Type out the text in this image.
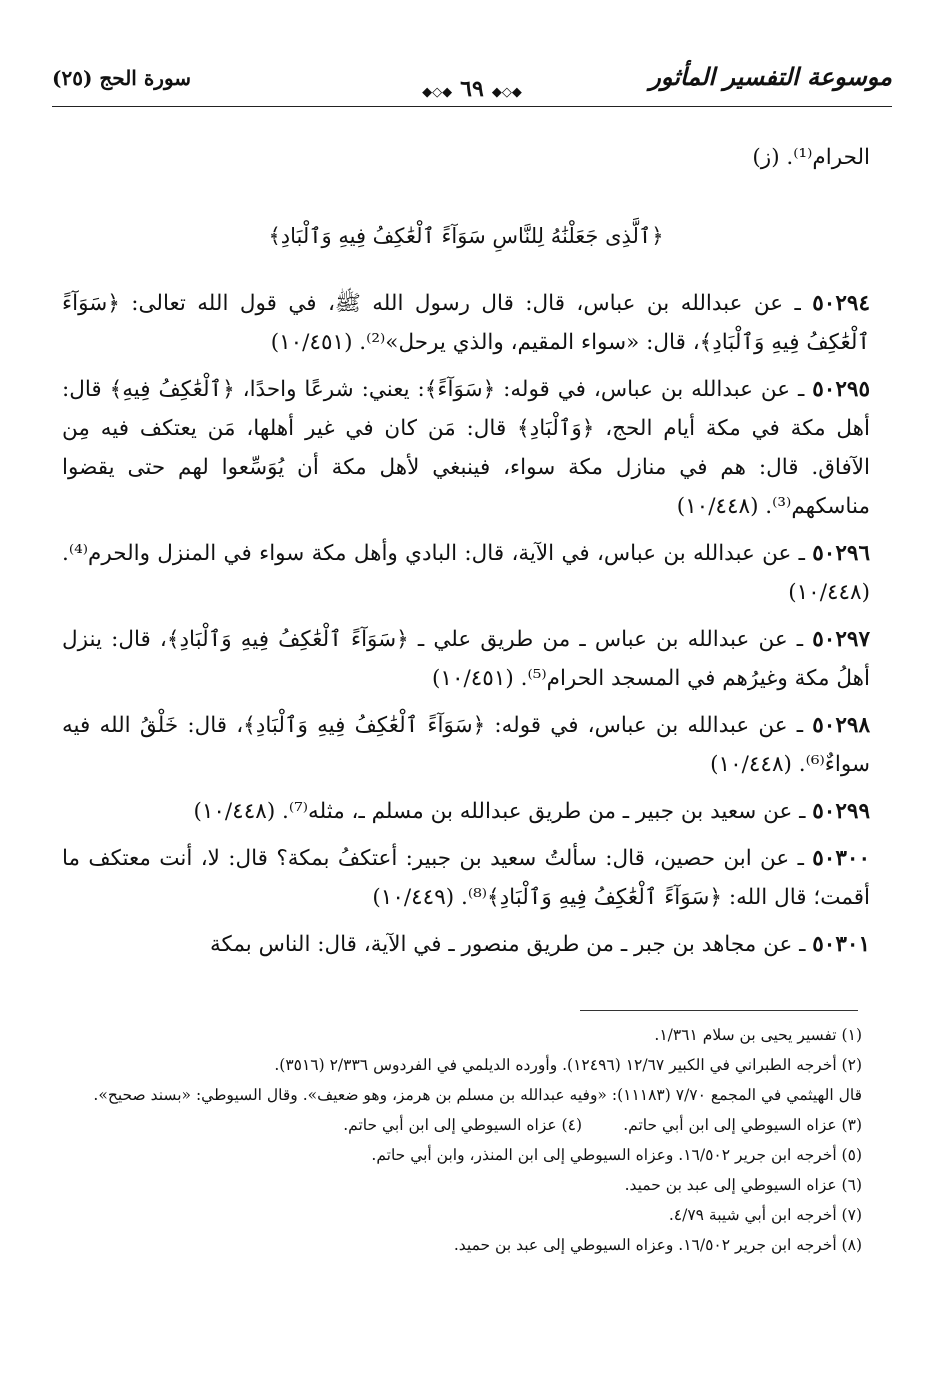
موسوعة التفسير المأثور
◆◇◆٦٩◆◇◆
سورة الحج (٢٥)

الحرام⁽¹⁾. (ز)

﴿ٱلَّذِى جَعَلْنَٰهُ لِلنَّاسِ سَوَآءً ٱلْعَٰكِفُ فِيهِ وَٱلْبَادِ﴾

٥٠٢٩٤ ـ عن عبدالله بن عباس، قال: قال رسول الله ﷺ، في قول الله تعالى: ﴿سَوَآءً ٱلْعَٰكِفُ فِيهِ وَٱلْبَادِ﴾، قال: «سواء المقيم، والذي يرحل»⁽²⁾. (١٠/٤٥١)

٥٠٢٩٥ ـ عن عبدالله بن عباس، في قوله: ﴿سَوَآءً﴾: يعني: شرعًا واحدًا، ﴿ٱلْعَٰكِفُ فِيهِ﴾ قال: أهل مكة في مكة أيام الحج، ﴿وَٱلْبَادِ﴾ قال: مَن كان في غير أهلها، مَن يعتكف فيه مِن الآفاق. قال: هم في منازل مكة سواء، فينبغي لأهل مكة أن يُوَسِّعوا لهم حتى يقضوا مناسكهم⁽³⁾. (١٠/٤٤٨)

٥٠٢٩٦ ـ عن عبدالله بن عباس، في الآية، قال: البادي وأهل مكة سواء في المنزل والحرم⁽⁴⁾. (١٠/٤٤٨)

٥٠٢٩٧ ـ عن عبدالله بن عباس ـ من طريق علي ـ ﴿سَوَآءً ٱلْعَٰكِفُ فِيهِ وَٱلْبَادِ﴾، قال: ينزل أهلُ مكة وغيرُهم في المسجد الحرام⁽⁵⁾. (١٠/٤٥١)

٥٠٢٩٨ ـ عن عبدالله بن عباس، في قوله: ﴿سَوَآءً ٱلْعَٰكِفُ فِيهِ وَٱلْبَادِ﴾، قال: خَلْقُ الله فيه سواءٌ⁽⁶⁾. (١٠/٤٤٨)

٥٠٢٩٩ ـ عن سعيد بن جبير ـ من طريق عبدالله بن مسلم ـ، مثله⁽⁷⁾. (١٠/٤٤٨)

٥٠٣٠٠ ـ عن ابن حصين، قال: سألتُ سعيد بن جبير: أعتكفُ بمكة؟ قال: لا، أنت معتكف ما أقمت؛ قال الله: ﴿سَوَآءً ٱلْعَٰكِفُ فِيهِ وَٱلْبَادِ﴾⁽⁸⁾. (١٠/٤٤٩)

٥٠٣٠١ ـ عن مجاهد بن جبر ـ من طريق منصور ـ في الآية، قال: الناس بمكة

(١) تفسير يحيى بن سلام ١/٣٦١.

(٢) أخرجه الطبراني في الكبير ١٢/٦٧ (١٢٤٩٦). وأورده الديلمي في الفردوس ٢/٣٣٦ (٣٥١٦).

قال الهيثمي في المجمع ٧/٧٠ (١١١٨٣): «وفيه عبدالله بن مسلم بن هرمز، وهو ضعيف». وقال السيوطي: «بسند صحيح».

(٣) عزاه السيوطي إلى ابن أبي حاتم.
(٤) عزاه السيوطي إلى ابن أبي حاتم.

(٥) أخرجه ابن جرير ١٦/٥٠٢. وعزاه السيوطي إلى ابن المنذر، وابن أبي حاتم.

(٦) عزاه السيوطي إلى عبد بن حميد.

(٧) أخرجه ابن أبي شيبة ٤/٧٩.

(٨) أخرجه ابن جرير ١٦/٥٠٢. وعزاه السيوطي إلى عبد بن حميد.
